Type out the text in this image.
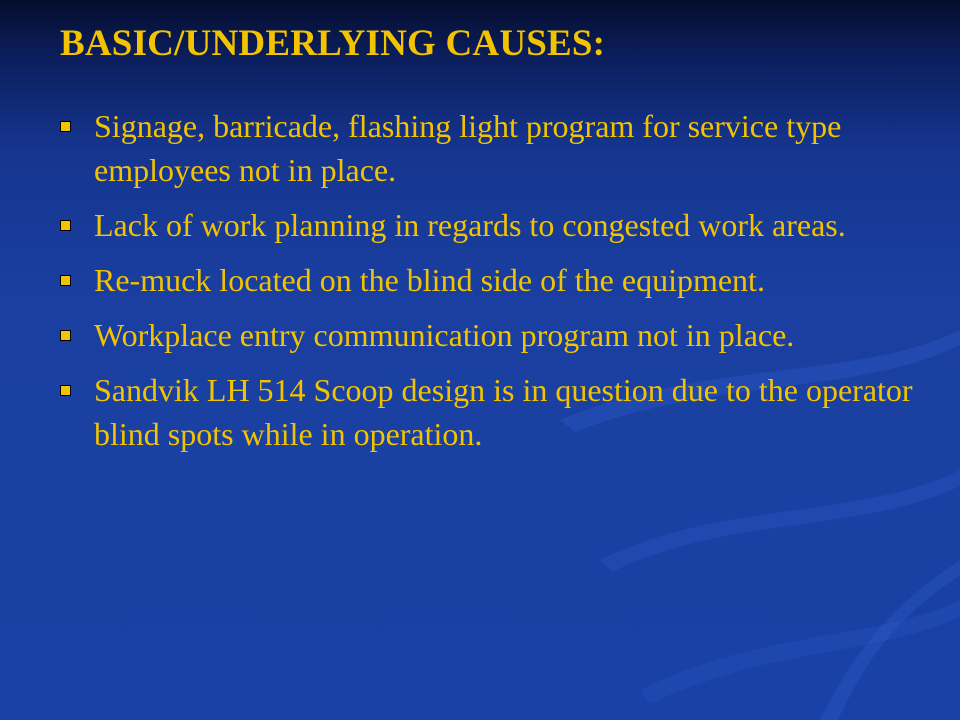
BASIC/UNDERLYING CAUSES:
Signage, barricade, flashing light program for service type employees not in place.
Lack of work planning in regards to congested work areas.
Re-muck located on the blind side of the equipment.
Workplace entry communication program not in place.
Sandvik LH 514 Scoop design is in question due to the operator blind spots while in operation.
